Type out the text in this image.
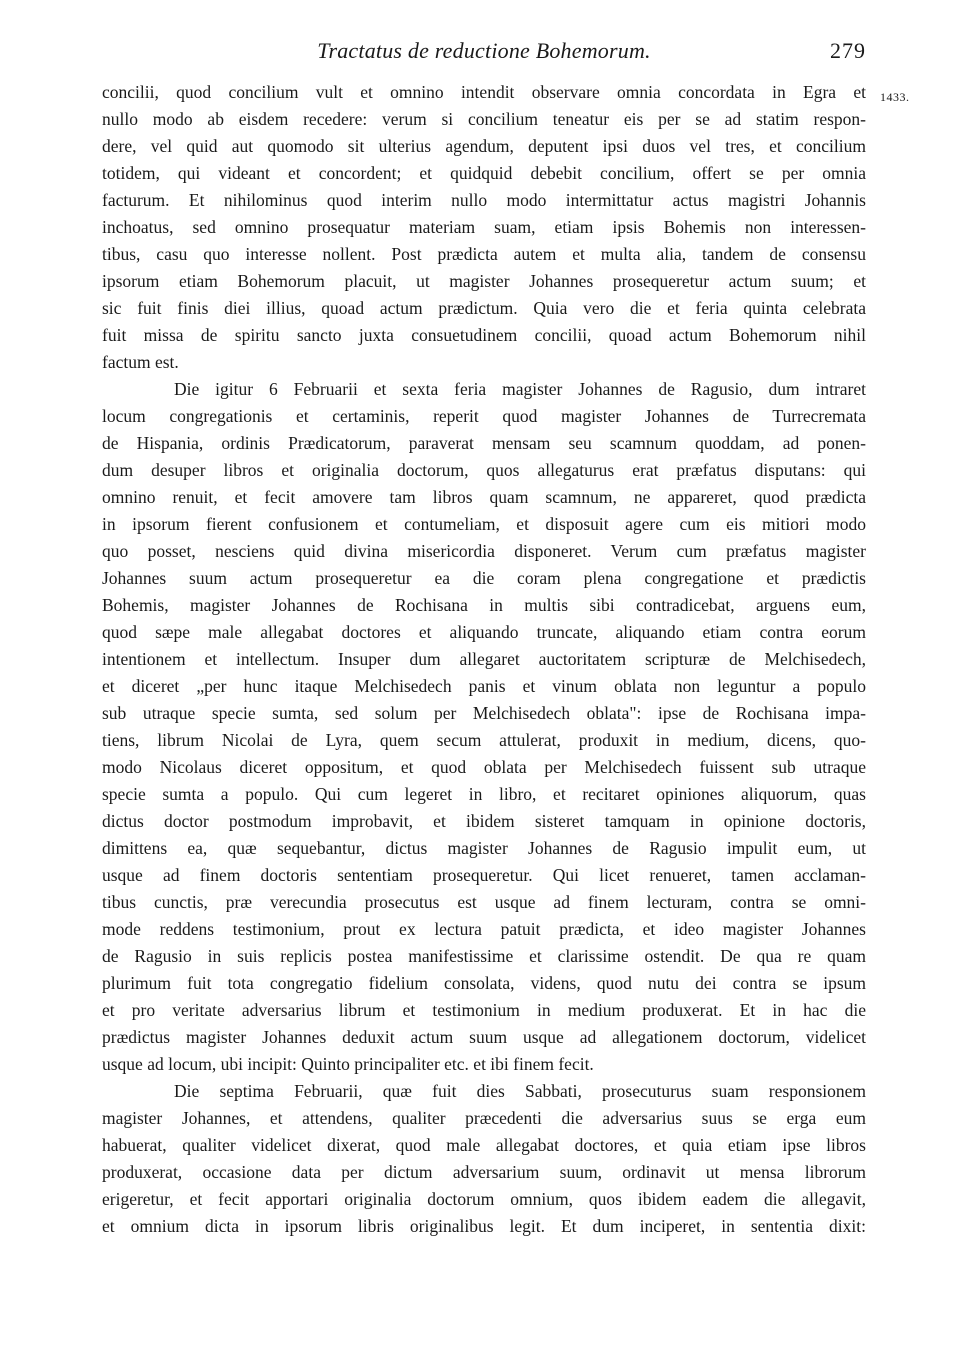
Tractatus de reductione Bohemorum.	279
1433.
concilii, quod concilium vult et omnino intendit observare omnia concordata in Egra et
nullo modo ab eisdem recedere: verum si concilium teneatur eis per se ad statim respon-
dere, vel quid aut quomodo sit ulterius agendum, deputent ipsi duos vel tres, et concilium
totidem, qui videant et concordent; et quidquid debebit concilium, offert se per omnia
facturum. Et nihilominus quod interim nullo modo intermittatur actus magistri Johannis
inchoatus, sed omnino prosequatur materiam suam, etiam ipsis Bohemis non interessen-
tibus, casu quo interesse nollent. Post prædicta autem et multa alia, tandem de consensu
ipsorum etiam Bohemorum placuit, ut magister Johannes prosequeretur actum suum; et
sic fuit finis diei illius, quoad actum prædictum. Quia vero die et feria quinta celebrata
fuit missa de spiritu sancto juxta consuetudinem concilii, quoad actum Bohemorum nihil
factum est.
Die igitur 6 Februarii et sexta feria magister Johannes de Ragusio, dum intraret
locum congregationis et certaminis, reperit quod magister Johannes de Turrecremata
de Hispania, ordinis Prædicatorum, paraverat mensam seu scamnum quoddam, ad ponen-
dum desuper libros et originalia doctorum, quos allegaturus erat præfatus disputans: qui
omnino renuit, et fecit amovere tam libros quam scamnum, ne appareret, quod prædicta
in ipsorum fierent confusionem et contumeliam, et disposuit agere cum eis mitiori modo
quo posset, nesciens quid divina misericordia disponeret. Verum cum præfatus magister
Johannes suum actum prosequeretur ea die coram plena congregatione et prædictis
Bohemis, magister Johannes de Rochisana in multis sibi contradicebat, arguens eum,
quod sæpe male allegabat doctores et aliquando truncate, aliquando etiam contra eorum
intentionem et intellectum. Insuper dum allegaret auctoritatem scripturæ de Melchisedech,
et diceret „per hunc itaque Melchisedech panis et vinum oblata non leguntur a populo
sub utraque specie sumta, sed solum per Melchisedech oblata": ipse de Rochisana impa-
tiens, librum Nicolai de Lyra, quem secum attulerat, produxit in medium, dicens, quo-
modo Nicolaus diceret oppositum, et quod oblata per Melchisedech fuissent sub utraque
specie sumta a populo. Qui cum legeret in libro, et recitaret opiniones aliquorum, quas
dictus doctor postmodum improbavit, et ibidem sisteret tamquam in opinione doctoris,
dimittens ea, quæ sequebantur, dictus magister Johannes de Ragusio impulit eum, ut
usque ad finem doctoris sententiam prosequeretur. Qui licet renueret, tamen acclaman-
tibus cunctis, præ verecundia prosecutus est usque ad finem lecturam, contra se omni-
mode reddens testimonium, prout ex lectura patuit prædicta, et ideo magister Johannes
de Ragusio in suis replicis postea manifestissime et clarissime ostendit. De qua re quam
plurimum fuit tota congregatio fidelium consolata, videns, quod nutu dei contra se ipsum
et pro veritate adversarius librum et testimonium in medium produxerat. Et in hac die
prædictus magister Johannes deduxit actum suum usque ad allegationem doctorum, videlicet
usque ad locum, ubi incipit: Quinto principaliter etc. et ibi finem fecit.
Die septima Februarii, quæ fuit dies Sabbati, prosecuturus suam responsionem
magister Johannes, et attendens, qualiter præcedenti die adversarius suus se erga eum
habuerat, qualiter videlicet dixerat, quod male allegabat doctores, et quia etiam ipse libros
produxerat, occasione data per dictum adversarium suum, ordinavit ut mensa librorum
erigeretur, et fecit apportari originalia doctorum omnium, quos ibidem eadem die allegavit,
et omnium dicta in ipsorum libris originalibus legit. Et dum inciperet, in sententia dixit:
